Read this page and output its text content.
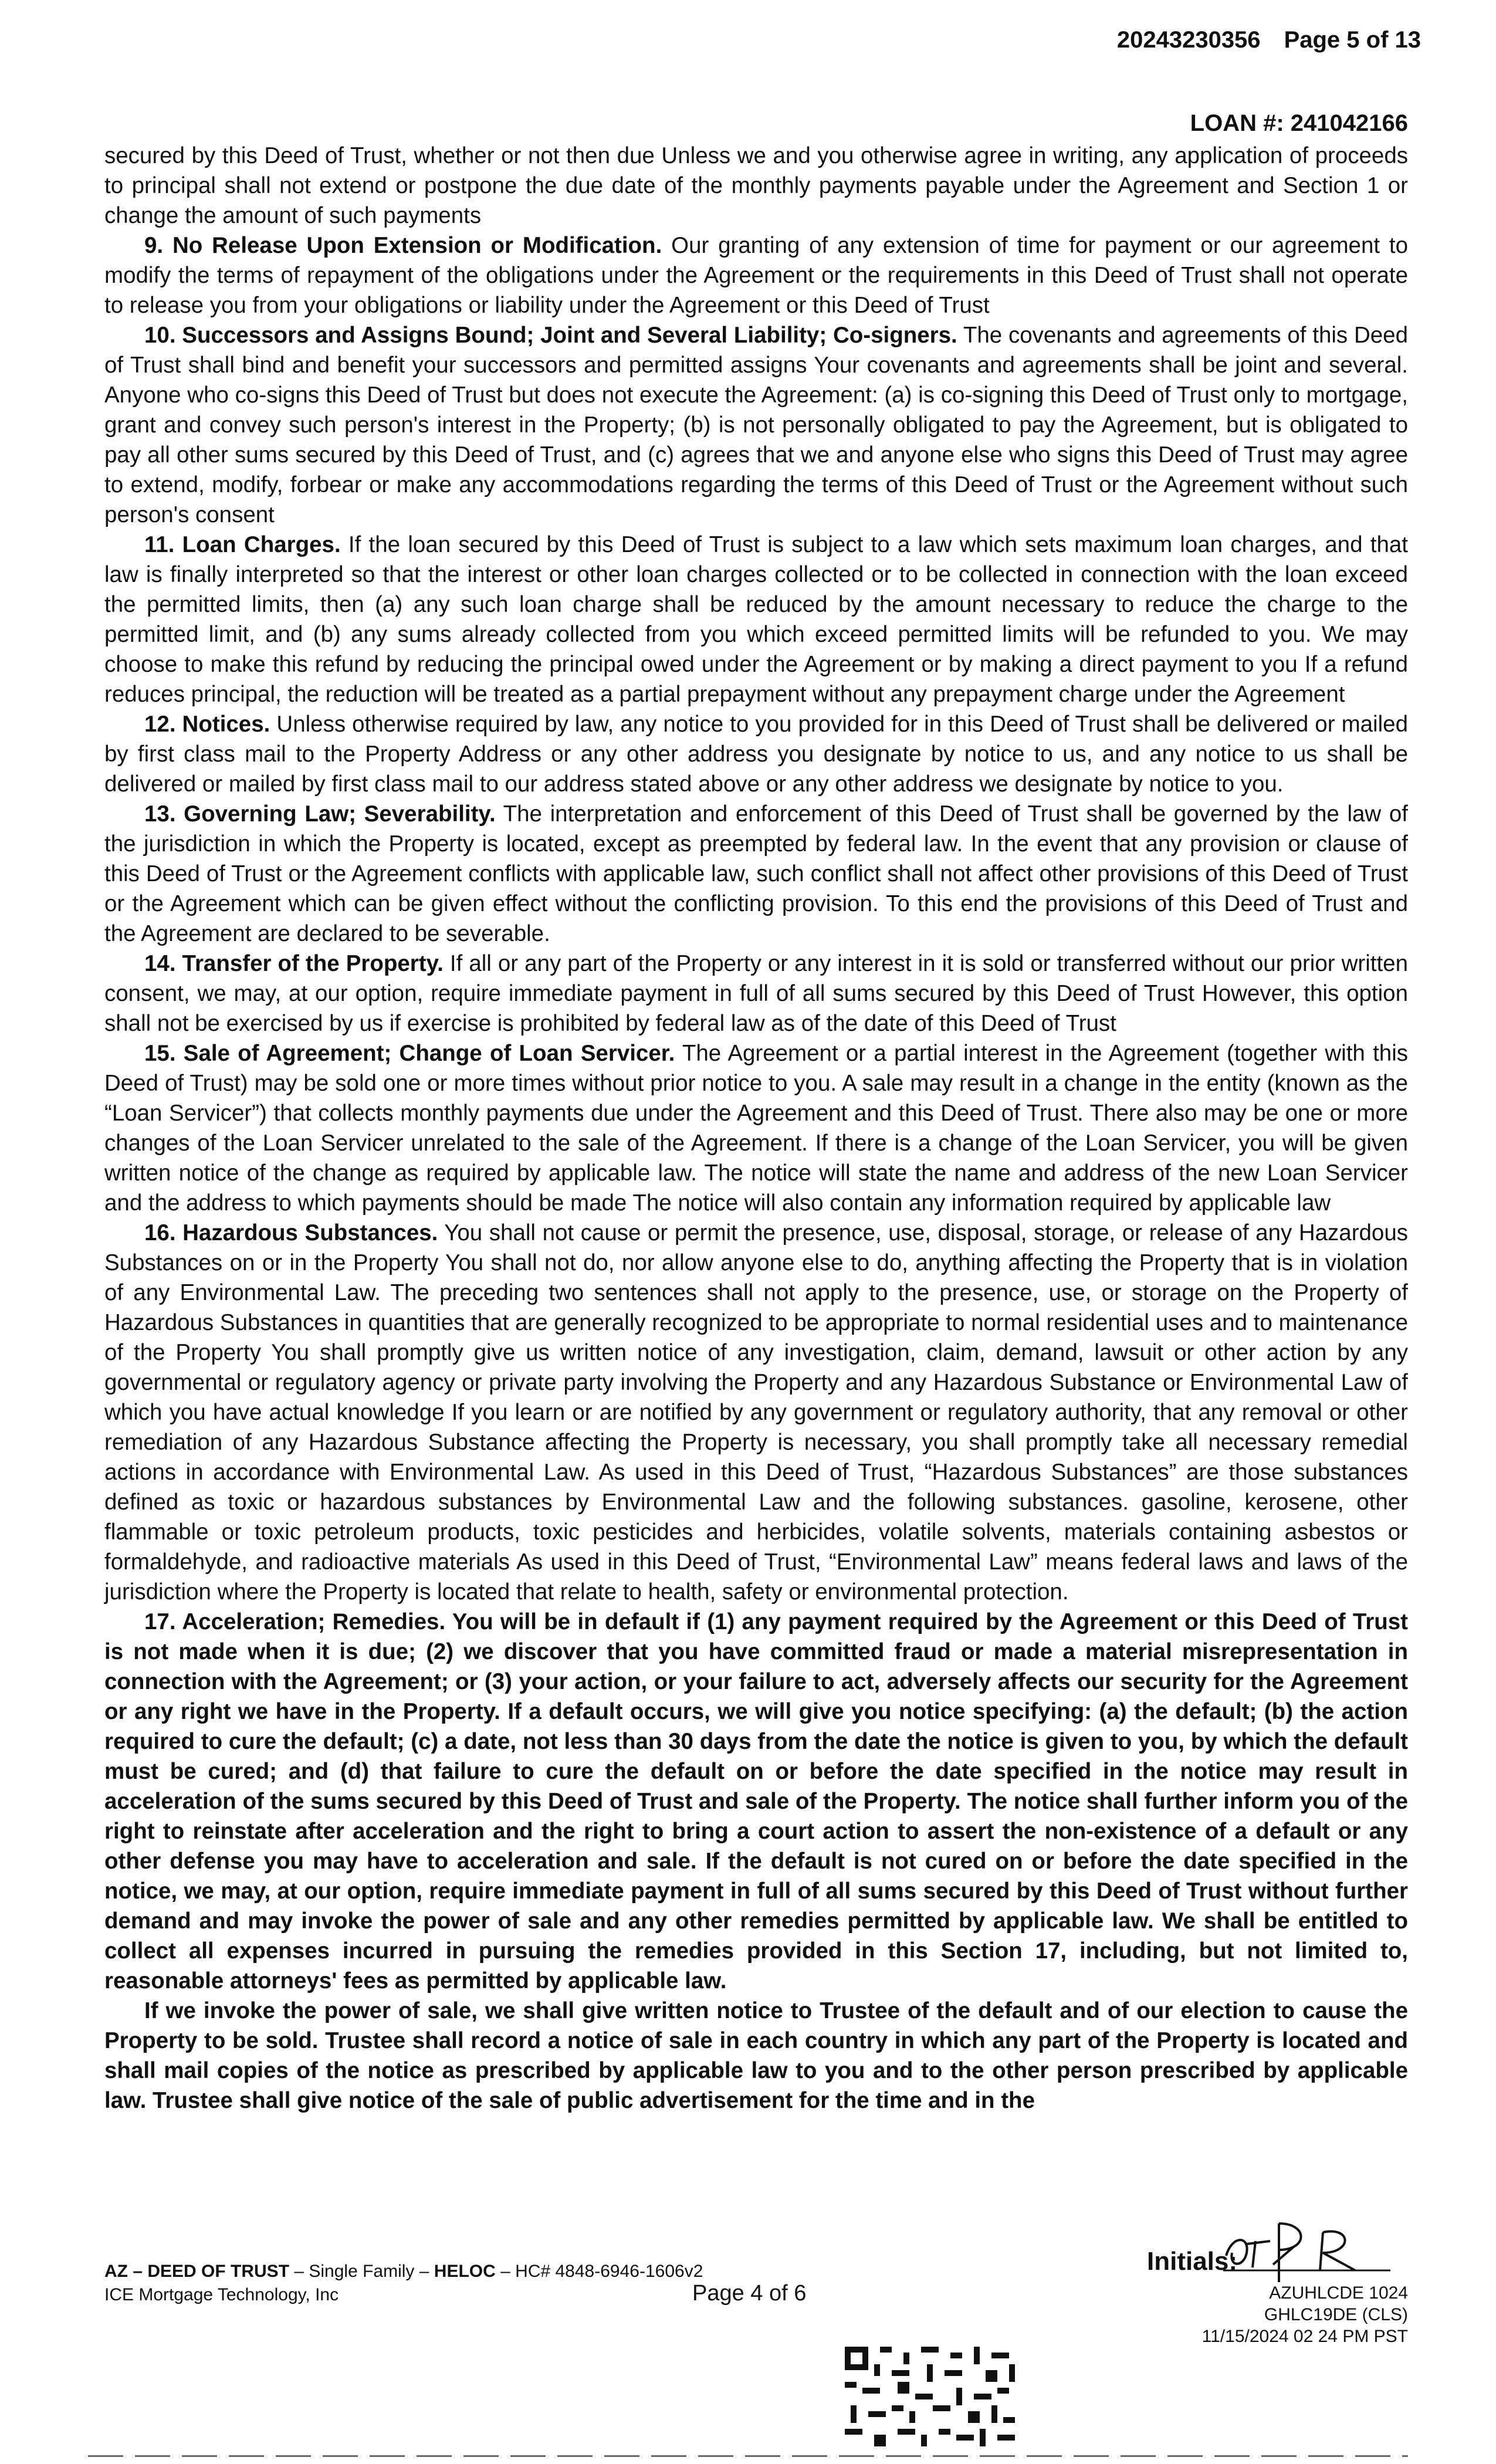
20243230356 Page 5 of 13
LOAN #: 241042166

secured by this Deed of Trust, whether or not then due Unless we and you otherwise agree in writing, any application of proceeds to principal shall not extend or postpone the due date of the monthly payments payable under the Agreement and Section 1 or change the amount of such payments

9. No Release Upon Extension or Modification. Our granting of any extension of time for payment or our agreement to modify the terms of repayment of the obligations under the Agreement or the requirements in this Deed of Trust shall not operate to release you from your obligations or liability under the Agreement or this Deed of Trust

10. Successors and Assigns Bound; Joint and Several Liability; Co-signers. The covenants and agreements of this Deed of Trust shall bind and benefit your successors and permitted assigns Your covenants and agreements shall be joint and several. Anyone who co-signs this Deed of Trust but does not execute the Agreement: (a) is co-signing this Deed of Trust only to mortgage, grant and convey such person's interest in the Property; (b) is not personally obligated to pay the Agreement, but is obligated to pay all other sums secured by this Deed of Trust, and (c) agrees that we and anyone else who signs this Deed of Trust may agree to extend, modify, forbear or make any accommodations regarding the terms of this Deed of Trust or the Agreement without such person's consent

11. Loan Charges. If the loan secured by this Deed of Trust is subject to a law which sets maximum loan charges, and that law is finally interpreted so that the interest or other loan charges collected or to be collected in connection with the loan exceed the permitted limits, then (a) any such loan charge shall be reduced by the amount necessary to reduce the charge to the permitted limit, and (b) any sums already collected from you which exceed permitted limits will be refunded to you. We may choose to make this refund by reducing the principal owed under the Agreement or by making a direct payment to you If a refund reduces principal, the reduction will be treated as a partial prepayment without any prepayment charge under the Agreement

12. Notices. Unless otherwise required by law, any notice to you provided for in this Deed of Trust shall be delivered or mailed by first class mail to the Property Address or any other address you designate by notice to us, and any notice to us shall be delivered or mailed by first class mail to our address stated above or any other address we designate by notice to you.

13. Governing Law; Severability. The interpretation and enforcement of this Deed of Trust shall be governed by the law of the jurisdiction in which the Property is located, except as preempted by federal law. In the event that any provision or clause of this Deed of Trust or the Agreement conflicts with applicable law, such conflict shall not affect other provisions of this Deed of Trust or the Agreement which can be given effect without the conflicting provision. To this end the provisions of this Deed of Trust and the Agreement are declared to be severable.

14. Transfer of the Property. If all or any part of the Property or any interest in it is sold or transferred without our prior written consent, we may, at our option, require immediate payment in full of all sums secured by this Deed of Trust However, this option shall not be exercised by us if exercise is prohibited by federal law as of the date of this Deed of Trust

15. Sale of Agreement; Change of Loan Servicer. The Agreement or a partial interest in the Agreement (together with this Deed of Trust) may be sold one or more times without prior notice to you. A sale may result in a change in the entity (known as the “Loan Servicer”) that collects monthly payments due under the Agreement and this Deed of Trust. There also may be one or more changes of the Loan Servicer unrelated to the sale of the Agreement. If there is a change of the Loan Servicer, you will be given written notice of the change as required by applicable law. The notice will state the name and address of the new Loan Servicer and the address to which payments should be made The notice will also contain any information required by applicable law

16. Hazardous Substances. You shall not cause or permit the presence, use, disposal, storage, or release of any Hazardous Substances on or in the Property You shall not do, nor allow anyone else to do, anything affecting the Property that is in violation of any Environmental Law. The preceding two sentences shall not apply to the presence, use, or storage on the Property of Hazardous Substances in quantities that are generally recognized to be appropriate to normal residential uses and to maintenance of the Property You shall promptly give us written notice of any investigation, claim, demand, lawsuit or other action by any governmental or regulatory agency or private party involving the Property and any Hazardous Substance or Environmental Law of which you have actual knowledge If you learn or are notified by any government or regulatory authority, that any removal or other remediation of any Hazardous Substance affecting the Property is necessary, you shall promptly take all necessary remedial actions in accordance with Environmental Law. As used in this Deed of Trust, “Hazardous Substances” are those substances defined as toxic or hazardous substances by Environmental Law and the following substances. gasoline, kerosene, other flammable or toxic petroleum products, toxic pesticides and herbicides, volatile solvents, materials containing asbestos or formaldehyde, and radioactive materials As used in this Deed of Trust, “Environmental Law” means federal laws and laws of the jurisdiction where the Property is located that relate to health, safety or environmental protection.

17. Acceleration; Remedies. You will be in default if (1) any payment required by the Agreement or this Deed of Trust is not made when it is due; (2) we discover that you have committed fraud or made a material misrepresentation in connection with the Agreement; or (3) your action, or your failure to act, adversely affects our security for the Agreement or any right we have in the Property. If a default occurs, we will give you notice specifying: (a) the default; (b) the action required to cure the default; (c) a date, not less than 30 days from the date the notice is given to you, by which the default must be cured; and (d) that failure to cure the default on or before the date specified in the notice may result in acceleration of the sums secured by this Deed of Trust and sale of the Property. The notice shall further inform you of the right to reinstate after acceleration and the right to bring a court action to assert the non-existence of a default or any other defense you may have to acceleration and sale. If the default is not cured on or before the date specified in the notice, we may, at our option, require immediate payment in full of all sums secured by this Deed of Trust without further demand and may invoke the power of sale and any other remedies permitted by applicable law. We shall be entitled to collect all expenses incurred in pursuing the remedies provided in this Section 17, including, but not limited to, reasonable attorneys' fees as permitted by applicable law.

If we invoke the power of sale, we shall give written notice to Trustee of the default and of our election to cause the Property to be sold. Trustee shall record a notice of sale in each country in which any part of the Property is located and shall mail copies of the notice as prescribed by applicable law to you and to the other person prescribed by applicable law. Trustee shall give notice of the sale of public advertisement for the time and in the

AZ – DEED OF TRUST – Single Family – HELOC – HC# 4848-6946-1606v2
ICE Mortgage Technology, Inc	Page 4 of 6
Initials:
AZUHLCDE 1024
GHLC19DE (CLS)
11/15/2024 02 24 PM PST
